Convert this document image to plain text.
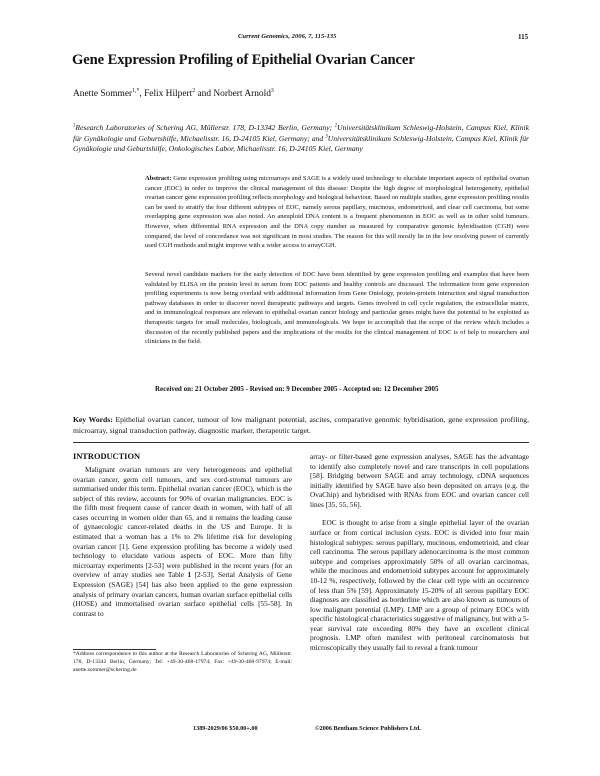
Current Genomics, 2006, 7, 115-135	115
Gene Expression Profiling of Epithelial Ovarian Cancer
Anette Sommer$^{1,*}$, Felix Hilpert$^2$ and Norbert Arnold$^3$
$^1$Research Laboratories of Schering AG, Müllerstr. 178, D-13342 Berlin, Germany; $^2$Universitätsklinikum Schleswig-Holstein, Campus Kiel, Klinik für Gynäkologie und Geburtshilfe, Michaelisstr. 16, D-24105 Kiel, Germany; and $^3$Universitätsklinikum Schleswig-Holstein, Campus Kiel, Klinik für Gynäkologie und Geburtshilfe, Onkologisches Labor, Michaelisstr. 16, D-24105 Kiel, Germany
Abstract: Gene expression profiling using microarrays and SAGE is a widely used technology to elucidate important aspects of epithelial ovarian cancer (EOC) in order to improve the clinical management of this disease: Despite the high degree of morphological heterogeneity, epithelial ovarian cancer gene expression profiling reflects morphology and biological behaviour. Based on multiple studies, gene expression profiling results can be used to stratify the four different subtypes of EOC, namely serous papillary, mucinous, endometrioid, and clear cell carcinoma, but some overlapping gene expression was also noted. An aneuploid DNA content is a frequent phenomenon in EOC as well as in other solid tumours. However, when differential RNA expression and the DNA copy number as measured by comparative genomic hybridisation (CGH) were compared, the level of concordance was not significant in most studies. The reason for this will mostly lie in the low resolving power of currently used CGH methods and might improve with a wider access to arrayCGH.
Several novel candidate markers for the early detection of EOC have been identified by gene expression profiling and examples that have been validated by ELISA on the protein level in serum from EOC patients and healthy controls are discussed. The information from gene expression profiling experiments is now being overlaid with additional information from Gene Ontology, protein-protein interaction and signal transduction pathway databases in order to discover novel therapeutic pathways and targets. Genes involved in cell cycle regulation, the extracellular matrix, and in immunological responses are relevant to epithelial ovarian cancer biology and particular genes might have the potential to be exploited as therapeutic targets for small molecules, biologicals, and immunologicals. We hope to accomplish that the scope of the review which includes a discussion of the recently published papers and the implications of the results for the clinical management of EOC is of help to researchers and clinicians in the field.
Received on: 21 October 2005 - Revised on: 9 December 2005 - Accepted on: 12 December 2005
Key Words: Epithelial ovarian cancer, tumour of low malignant potential, ascites, comparative genomic hybridisation, gene expression profiling, microarray, signal transduction pathway, diagnostic marker, therapeutic target.
INTRODUCTION

Malignant ovarian tumours are very heterogeneous and epithelial ovarian cancer, germ cell tumours, and sex cord-stromal tumours are summarised under this term. Epithelial ovarian cancer (EOC), which is the subject of this review, accounts for 90% of ovarian malignancies. EOC is the fifth most frequent cause of cancer death in women, with half of all cases occurring in women older than 65, and it remains the leading cause of gynaecologic cancer-related deaths in the US and Europe. It is estimated that a woman has a 1% to 2% lifetime risk for developing ovarian cancer [1]. Gene expression profiling has become a widely used technology to elucidate various aspects of EOC. More than fifty microarray experiments [2-53] were published in the recent years (for an overview of array studies see Table 1 [2-53]. Serial Analysis of Gene Expression (SAGE) [54] has also been applied to the gene expression analysis of primary ovarian cancers, human ovarian surface epithelial cells (HOSE) and immortalised ovarian surface epithelial cells [55-58]. In contrast to

array- or filter-based gene expression analyses, SAGE has the advantage to identify also completely novel and rare transcripts in cell populations [58]. Bridging between SAGE and array technology, cDNA sequences initially identified by SAGE have also been deposited on arrays (e.g. the OvaChip) and hybridised with RNAs from EOC and ovarian cancer cell lines [35, 55, 56].

EOC is thought to arise from a single epithelial layer of the ovarian surface or from cortical inclusion cysts. EOC is divided into four main histological subtypes: serous papillary, mucinous, endometrioid, and clear cell carcinoma. The serous papillary adenocarcinoma is the most common subtype and comprises approximately 50% of all ovarian carcinomas, while the mucinous and endometrioid subtypes account for approximately 10-12 %, respectively, followed by the clear cell type with an occurrence of less than 5% [59]. Approximately 15-20% of all serous papillary EOC diagnoses are classified as borderline which are also known as tumours of low malignant potential (LMP). LMP are a group of primary EOCs with specific histological characteristics suggestive of malignancy, but with a 5-year survival rate exceeding 80% they have an excellent clinical prognosis. LMP often manifest with peritoneal carcinomatosis but microscopically they usually fail to reveal a frank tumour

*Address correspondence to this author at the Research Laboratories of Schering AG, Müllerstr. 178, D-13342 Berlin, Germany; Tel: +49-30-468-17974; Fax: +49-30-468-97974; E-mail: anette.sommer@schering.de
1389-2029/06 $50.00+.00	©2006 Bentham Science Publishers Ltd.
